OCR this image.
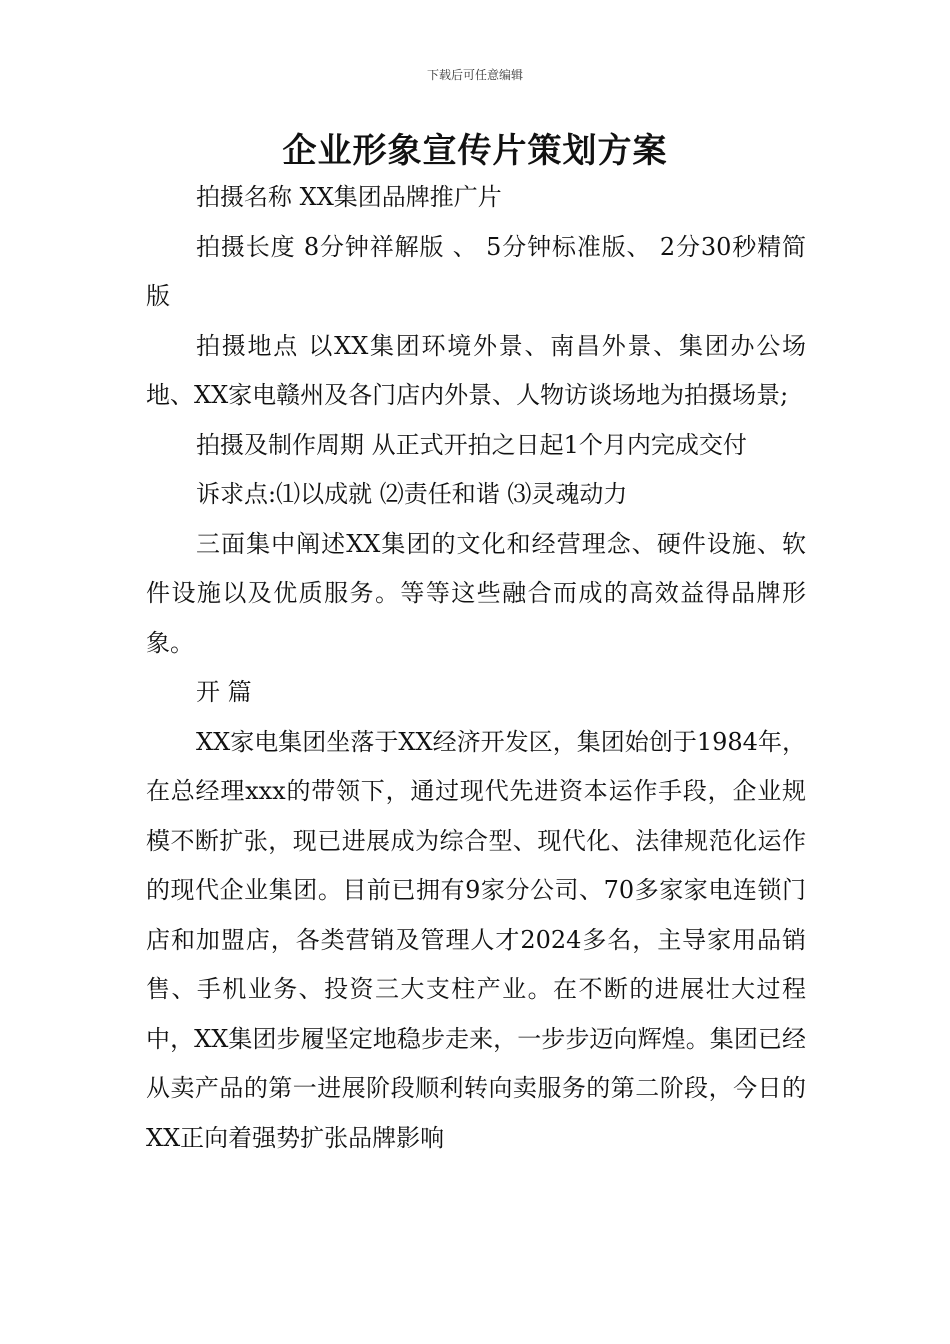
下载后可任意编辑
企业形象宣传片策划方案

拍摄名称 XX集团品牌推广片

拍摄长度 8分钟祥解版 、 5分钟标准版、 2分30秒精简版

拍摄地点 以XX集团环境外景、南昌外景、集团办公场地、XX家电赣州及各门店内外景、人物访谈场地为拍摄场景;

拍摄及制作周期 从正式开拍之日起1个月内完成交付

诉求点:⑴以成就 ⑵责任和谐 ⑶灵魂动力

三面集中阐述XX集团的文化和经营理念、硬件设施、软件设施以及优质服务。等等这些融合而成的高效益得品牌形象。

开 篇

XX家电集团坐落于XX经济开发区，集团始创于1984年，在总经理xxx的带领下，通过现代先进资本运作手段，企业规模不断扩张，现已进展成为综合型、现代化、法律规范化运作的现代企业集团。目前已拥有9家分公司、70多家家电连锁门店和加盟店，各类营销及管理人才2024多名，主导家用品销售、手机业务、投资三大支柱产业。在不断的进展壮大过程中，XX集团步履坚定地稳步走来，一步步迈向辉煌。集团已经从卖产品的第一进展阶段顺利转向卖服务的第二阶段，今日的XX正向着强势扩张品牌影响
